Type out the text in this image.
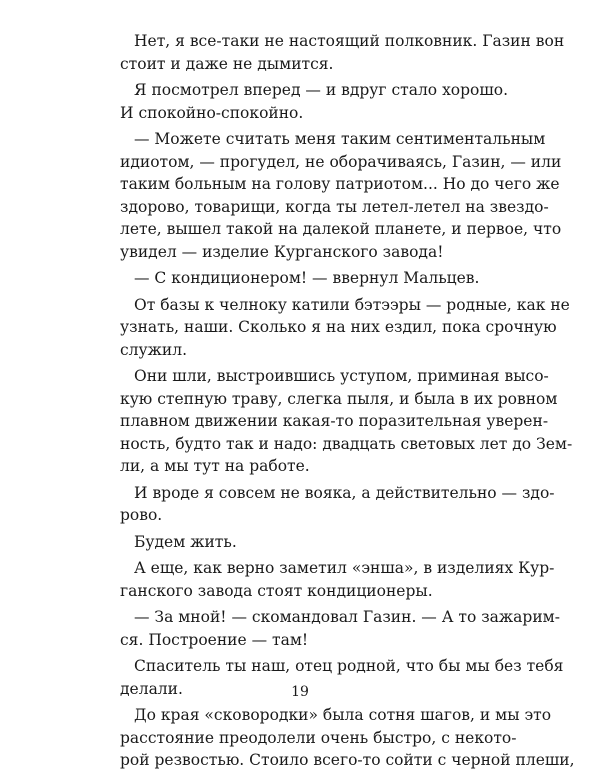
Нет, я все-таки не настоящий полковник. Газин вон
стоит и даже не дымится.
Я посмотрел вперед — и вдруг стало хорошо.
И спокойно-спокойно.
— Можете считать меня таким сентиментальным
идиотом, — прогудел, не оборачиваясь, Газин, — или
таким больным на голову патриотом... Но до чего же
здорово, товарищи, когда ты летел-летел на звездо-
лете, вышел такой на далекой планете, и первое, что
увидел — изделие Курганского завода!
— С кондиционером! — ввернул Мальцев.
От базы к челноку катили бэтээры — родные, как не
узнать, наши. Сколько я на них ездил, пока срочную
служил.
Они шли, выстроившись уступом, приминая высо-
кую степную траву, слегка пыля, и была в их ровном
плавном движении какая-то поразительная уверен-
ность, будто так и надо: двадцать световых лет до Зем-
ли, а мы тут на работе.
И вроде я совсем не вояка, а действительно — здо-
рово.
Будем жить.
А еще, как верно заметил «энша», в изделиях Кур-
ганского завода стоят кондиционеры.
— За мной! — скомандовал Газин. — А то зажарим-
ся. Построение — там!
Спаситель ты наш, отец родной, что бы мы без тебя
делали.
До края «сковородки» была сотня шагов, и мы это
расстояние преодолели очень быстро, с некото-
рой резвостью. Стоило всего-то сойти с черной плеши,
19
